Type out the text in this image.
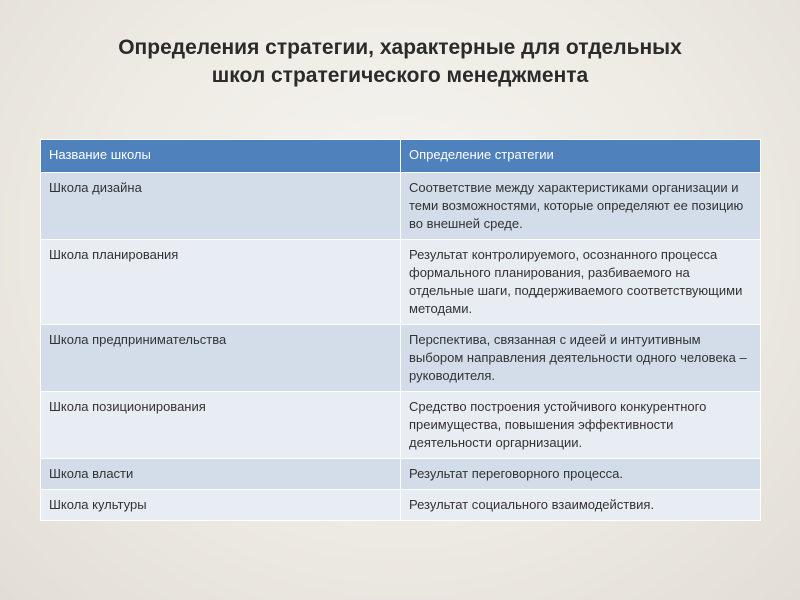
Определения стратегии, характерные для отдельных
школ стратегического менеджмента
Название школы	Определение стратегии
Школа дизайна	Соответствие между характеристиками организации и теми возможностями, которые определяют ее позицию во внешней среде.
Школа планирования	Результат контролируемого, осознанного процесса формального планирования, разбиваемого на отдельные шаги, поддерживаемого соответствующими методами.
Школа предпринимательства	Перспектива, связанная с идеей и интуитивным выбором направления деятельности одного человека – руководителя.
Школа позиционирования	Средство построения устойчивого конкурентного преимущества, повышения эффективности деятельности оргарнизации.
Школа власти	Результат переговорного процесса.
Школа культуры	Результат социального взаимодействия.
